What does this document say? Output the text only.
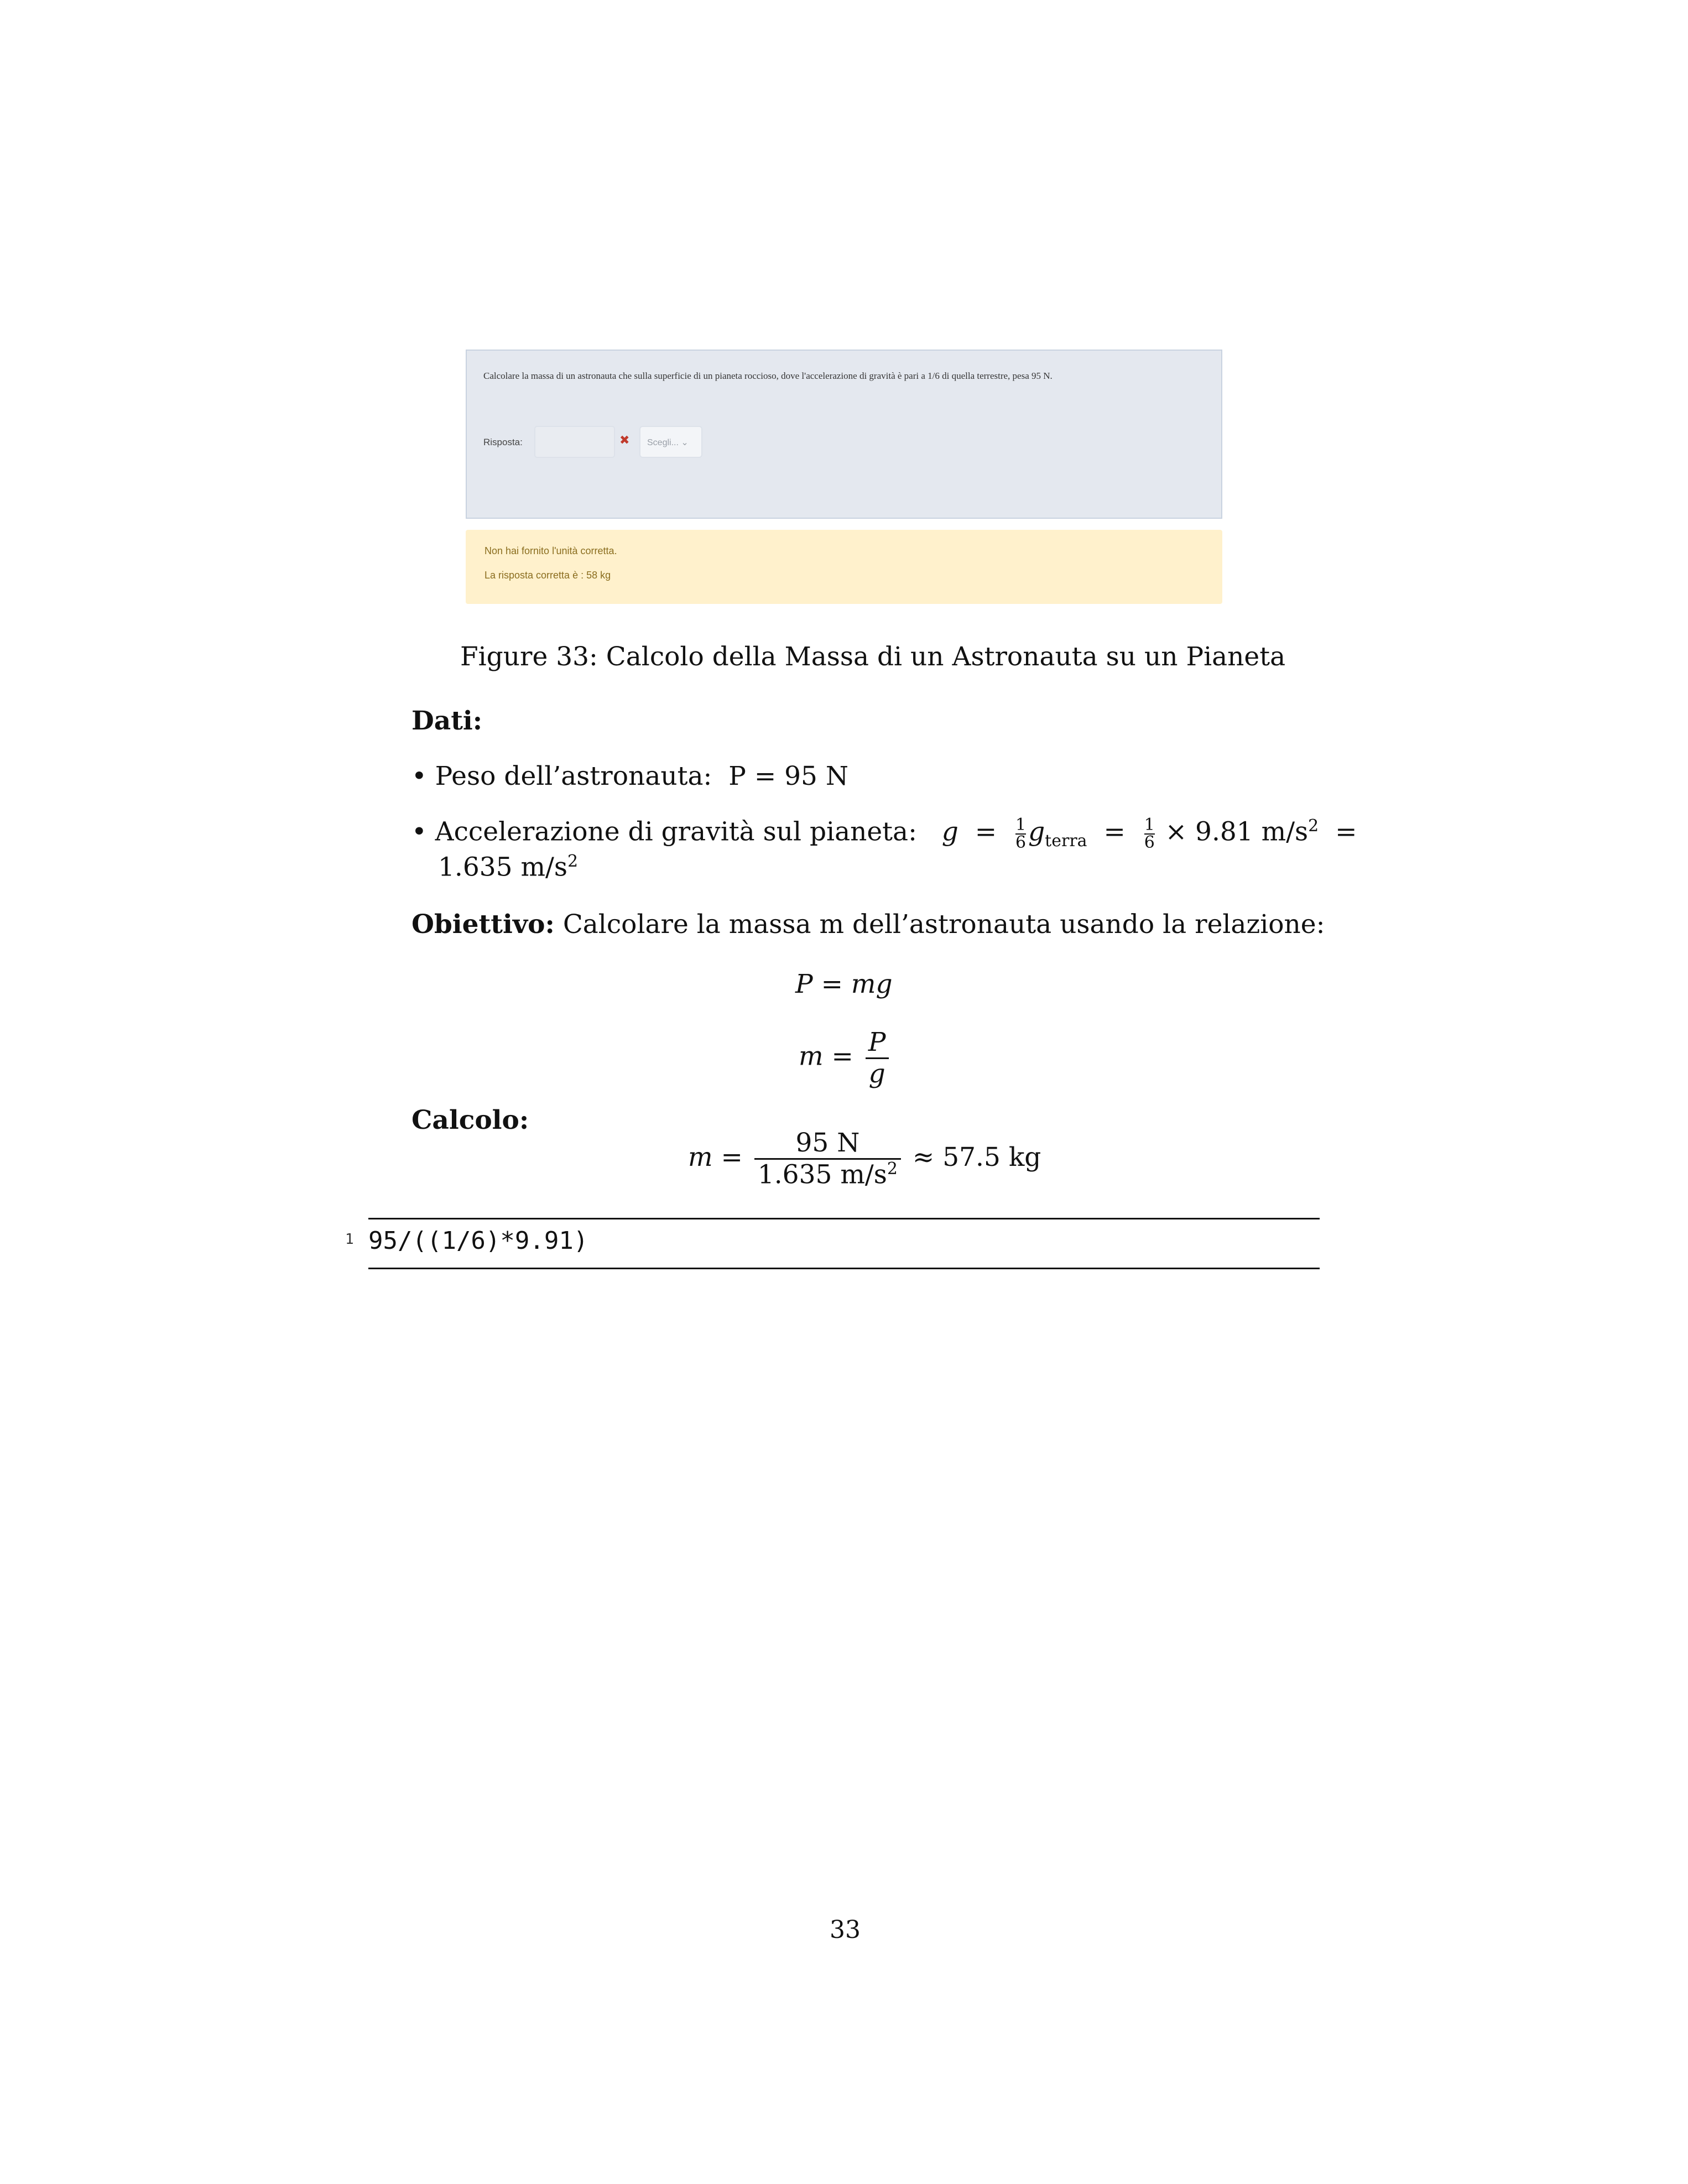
Calcolare la massa di un astronauta che sulla superficie di un pianeta roccioso, dove l'accelerazione di gravità è pari a 1/6 di quella terrestre, pesa 95 N.
Risposta:	✖	Scegli... ⌄
Non hai fornito l'unità corretta.
La risposta corretta è : 58 kg
Figure 33: Calcolo della Massa di un Astronauta su un Pianeta
Dati:
• Peso dell’astronauta: P = 95 N
• Accelerazione di gravità sul pianeta: $g = \frac{1}{6} g_{terra} = \frac{1}{6} \times 9.81$ $m/s^2$  =
1.635 $m/s^2$
Obiettivo: Calcolare la massa m dell’astronauta usando la relazione:
P = mg
$m = \frac{P}{g}$
Calcolo:
$m = \frac{95 N}{1.635 m/s^2} \approx 57.5$ kg
1 95/((1/6)*9.91)
33
